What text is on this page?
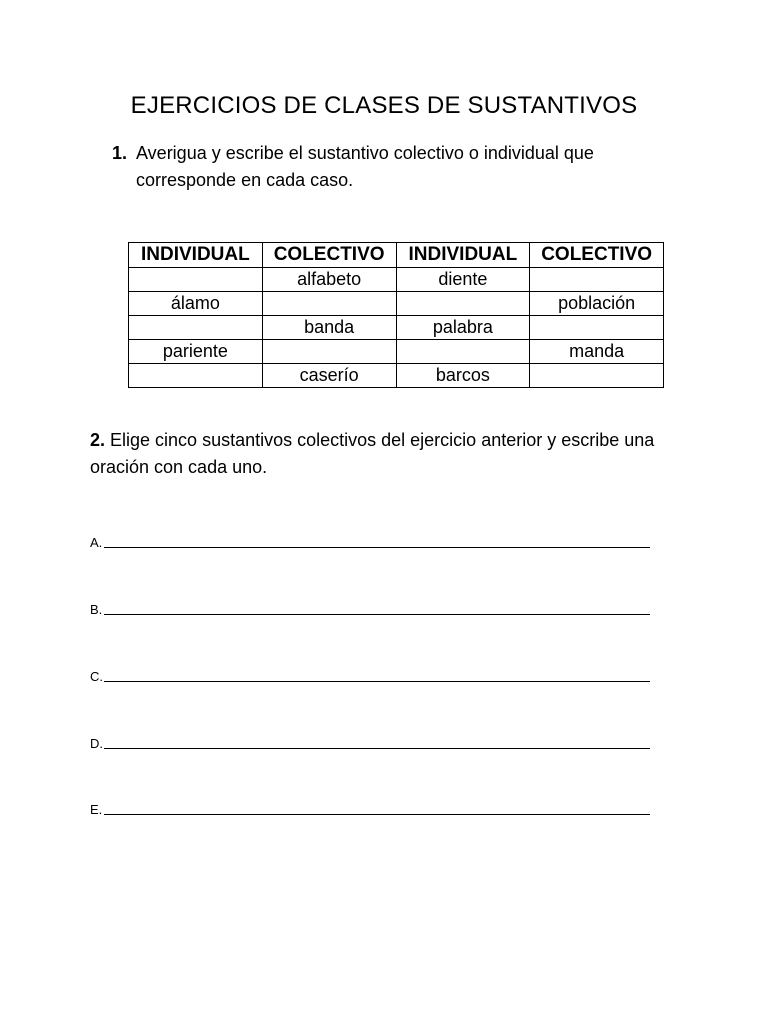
EJERCICIOS DE CLASES DE SUSTANTIVOS
1. Averigua y escribe el sustantivo colectivo o individual que corresponde en cada caso.
INDIVIDUAL	COLECTIVO	INDIVIDUAL	COLECTIVO
	alfabeto	diente	
álamo			población
	banda	palabra	
pariente			manda
	caserío	barcos	
2. Elige cinco sustantivos colectivos del ejercicio anterior y escribe una oración con cada uno.
A.
B.
C.
D.
E.
